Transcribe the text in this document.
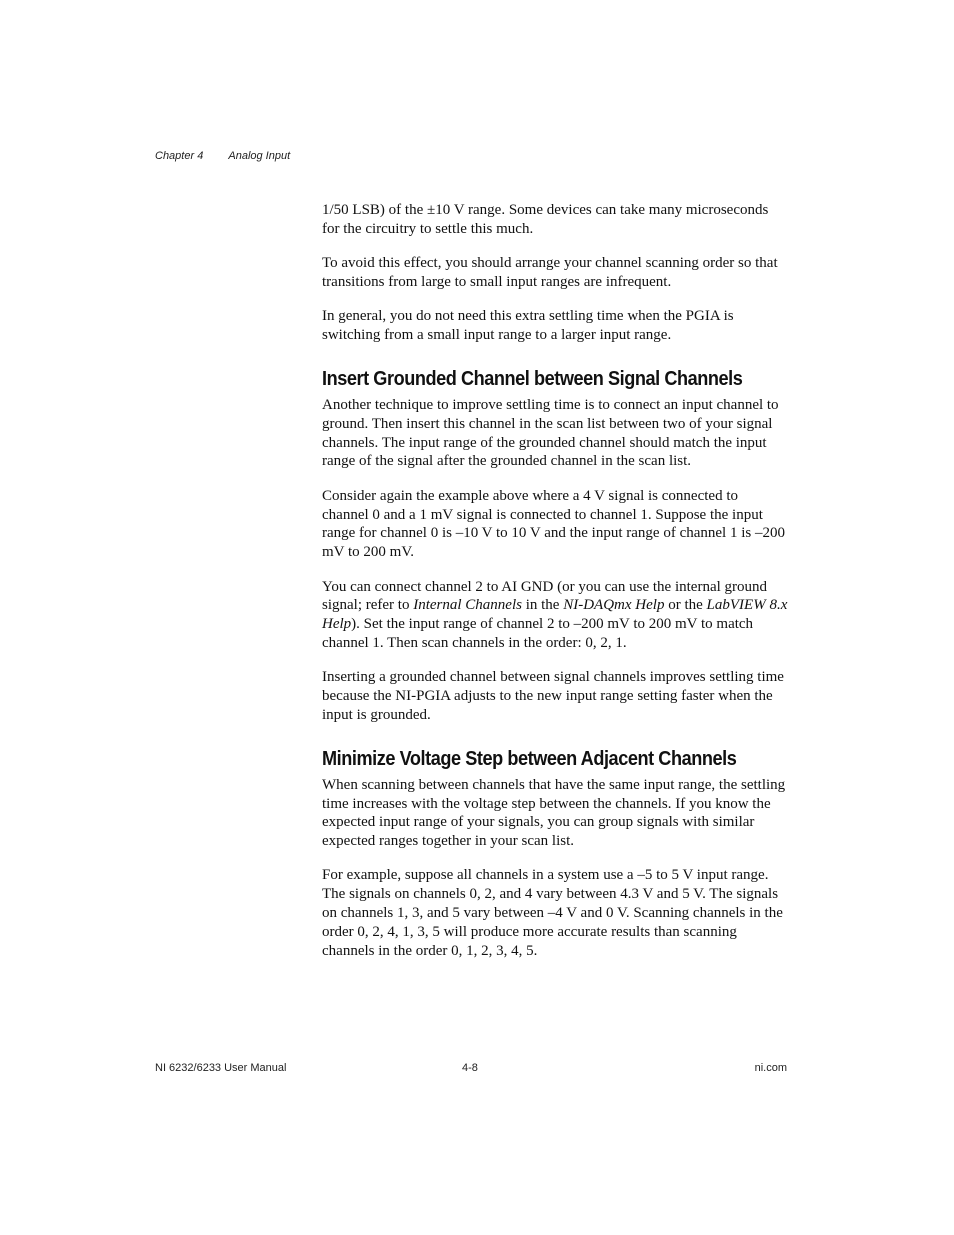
Chapter 4 Analog Input

1/50 LSB) of the ±10 V range. Some devices can take many microseconds for the circuitry to settle this much.

To avoid this effect, you should arrange your channel scanning order so that transitions from large to small input ranges are infrequent.

In general, you do not need this extra settling time when the PGIA is switching from a small input range to a larger input range.

Insert Grounded Channel between Signal Channels

Another technique to improve settling time is to connect an input channel to ground. Then insert this channel in the scan list between two of your signal channels. The input range of the grounded channel should match the input range of the signal after the grounded channel in the scan list.

Consider again the example above where a 4 V signal is connected to channel 0 and a 1 mV signal is connected to channel 1. Suppose the input range for channel 0 is –10 V to 10 V and the input range of channel 1 is –200 mV to 200 mV.

You can connect channel 2 to AI GND (or you can use the internal ground signal; refer to Internal Channels in the NI-DAQmx Help or the LabVIEW 8.x Help). Set the input range of channel 2 to –200 mV to 200 mV to match channel 1. Then scan channels in the order: 0, 2, 1.

Inserting a grounded channel between signal channels improves settling time because the NI-PGIA adjusts to the new input range setting faster when the input is grounded.

Minimize Voltage Step between Adjacent Channels

When scanning between channels that have the same input range, the settling time increases with the voltage step between the channels. If you know the expected input range of your signals, you can group signals with similar expected ranges together in your scan list.

For example, suppose all channels in a system use a –5 to 5 V input range. The signals on channels 0, 2, and 4 vary between 4.3 V and 5 V. The signals on channels 1, 3, and 5 vary between –4 V and 0 V. Scanning channels in the order 0, 2, 4, 1, 3, 5 will produce more accurate results than scanning channels in the order 0, 1, 2, 3, 4, 5.

NI 6232/6233 User Manual	4-8	ni.com
